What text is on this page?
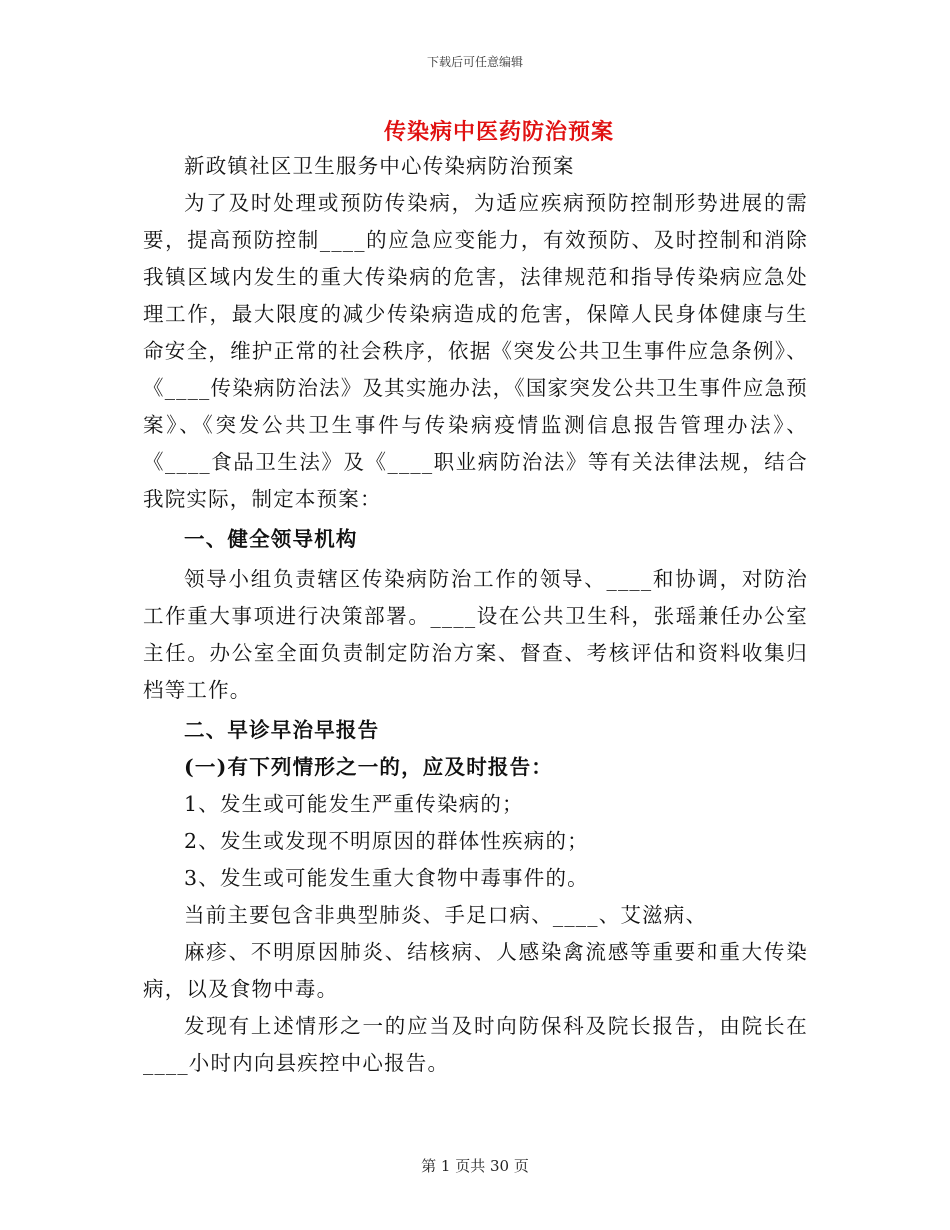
下载后可任意编辑
传染病中医药防治预案

新政镇社区卫生服务中心传染病防治预案

为了及时处理或预防传染病，为适应疾病预防控制形势进展的需要，提高预防控制____的应急应变能力，有效预防、及时控制和消除我镇区域内发生的重大传染病的危害，法律规范和指导传染病应急处理工作，最大限度的减少传染病造成的危害，保障人民身体健康与生命安全，维护正常的社会秩序，依据《突发公共卫生事件应急条例》、《____传染病防治法》及其实施办法，《国家突发公共卫生事件应急预案》、《突发公共卫生事件与传染病疫情监测信息报告管理办法》、《____食品卫生法》及《____职业病防治法》等有关法律法规，结合我院实际，制定本预案：

一、健全领导机构

领导小组负责辖区传染病防治工作的领导、____和协调，对防治工作重大事项进行决策部署。____设在公共卫生科，张瑶兼任办公室主任。办公室全面负责制定防治方案、督查、考核评估和资料收集归档等工作。

二、早诊早治早报告

(一)有下列情形之一的，应及时报告：

1、发生或可能发生严重传染病的；

2、发生或发现不明原因的群体性疾病的；

3、发生或可能发生重大食物中毒事件的。

当前主要包含非典型肺炎、手足口病、____、艾滋病、

麻疹、不明原因肺炎、结核病、人感染禽流感等重要和重大传染病，以及食物中毒。

发现有上述情形之一的应当及时向防保科及院长报告，由院长在____小时内向县疾控中心报告。

第 1 页共 30 页
